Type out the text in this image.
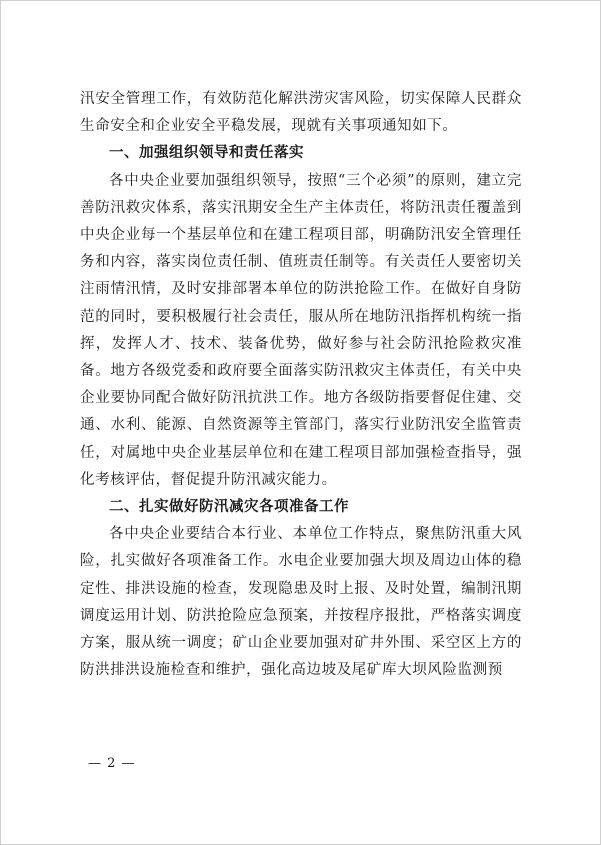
汛安全管理工作，有效防范化解洪涝灾害风险，切实保障人民群众生命安全和企业安全平稳发展，现就有关事项通知如下。

一、加强组织领导和责任落实

各中央企业要加强组织领导，按照“三个必须”的原则，建立完善防汛救灾体系，落实汛期安全生产主体责任，将防汛责任覆盖到中央企业每一个基层单位和在建工程项目部，明确防汛安全管理任务和内容，落实岗位责任制、值班责任制等。有关责任人要密切关注雨情汛情，及时安排部署本单位的防洪抢险工作。在做好自身防范的同时，要积极履行社会责任，服从所在地防汛指挥机构统一指挥，发挥人才、技术、装备优势，做好参与社会防汛抢险救灾准备。地方各级党委和政府要全面落实防汛救灾主体责任，有关中央企业要协同配合做好防汛抗洪工作。地方各级防指要督促住建、交通、水利、能源、自然资源等主管部门，落实行业防汛安全监管责任，对属地中央企业基层单位和在建工程项目部加强检查指导，强化考核评估，督促提升防汛减灾能力。

二、扎实做好防汛减灾各项准备工作

各中央企业要结合本行业、本单位工作特点，聚焦防汛重大风险，扎实做好各项准备工作。水电企业要加强大坝及周边山体的稳定性、排洪设施的检查，发现隐患及时上报、及时处置，编制汛期调度运用计划、防洪抢险应急预案，并按程序报批，严格落实调度方案，服从统一调度；矿山企业要加强对矿井外围、采空区上方的防洪排洪设施检查和维护，强化高边坡及尾矿库大坝风险监测预

— 2 —
